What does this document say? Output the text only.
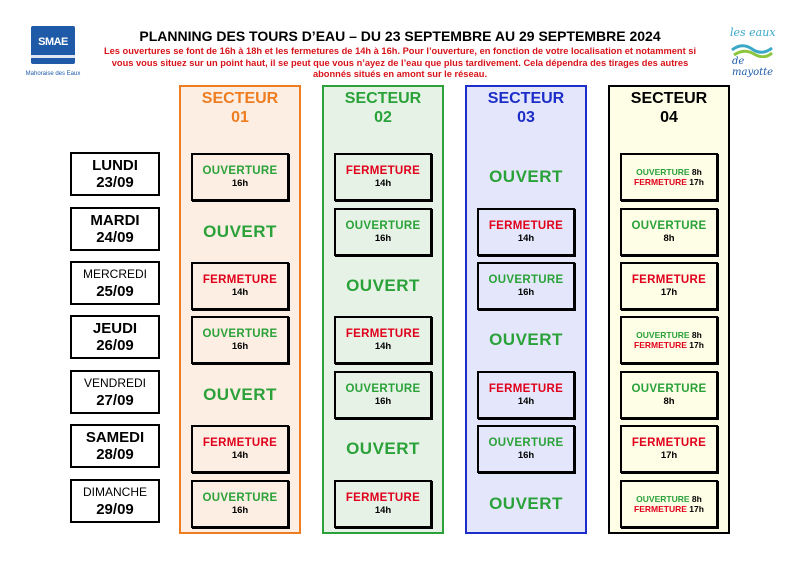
SMAE
Mahoraise des Eaux
les eaux
de mayotte
PLANNING DES TOURS D’EAU – DU 23 SEPTEMBRE AU 29 SEPTEMBRE 2024
Les ouvertures se font de 16h à 18h et les fermetures de 14h à 16h. Pour l’ouverture, en fonction de votre localisation et notamment si vous vous situez sur un point haut, il se peut que vous n’ayez de l’eau que plus tardivement. Cela dépendra des tirages des autres abonnés situés en amont sur le réseau.
LUNDI
23/09
MARDI
24/09
MERCREDI
25/09
JEUDI
26/09
VENDREDI
27/09
SAMEDI
28/09
DIMANCHE
29/09
SECTEUR
01
OUVERTURE
16h
OUVERT
FERMETURE
14h
OUVERTURE
16h
OUVERT
FERMETURE
14h
OUVERTURE
16h
SECTEUR
02
FERMETURE
14h
OUVERTURE
16h
OUVERT
FERMETURE
14h
OUVERTURE
16h
OUVERT
FERMETURE
14h
SECTEUR
03
OUVERT
FERMETURE
14h
OUVERTURE
16h
OUVERT
FERMETURE
14h
OUVERTURE
16h
OUVERT
SECTEUR
04
OUVERTURE 8h
FERMETURE 17h
OUVERTURE
8h
FERMETURE
17h
OUVERTURE 8h
FERMETURE 17h
OUVERTURE
8h
FERMETURE
17h
OUVERTURE 8h
FERMETURE 17h
